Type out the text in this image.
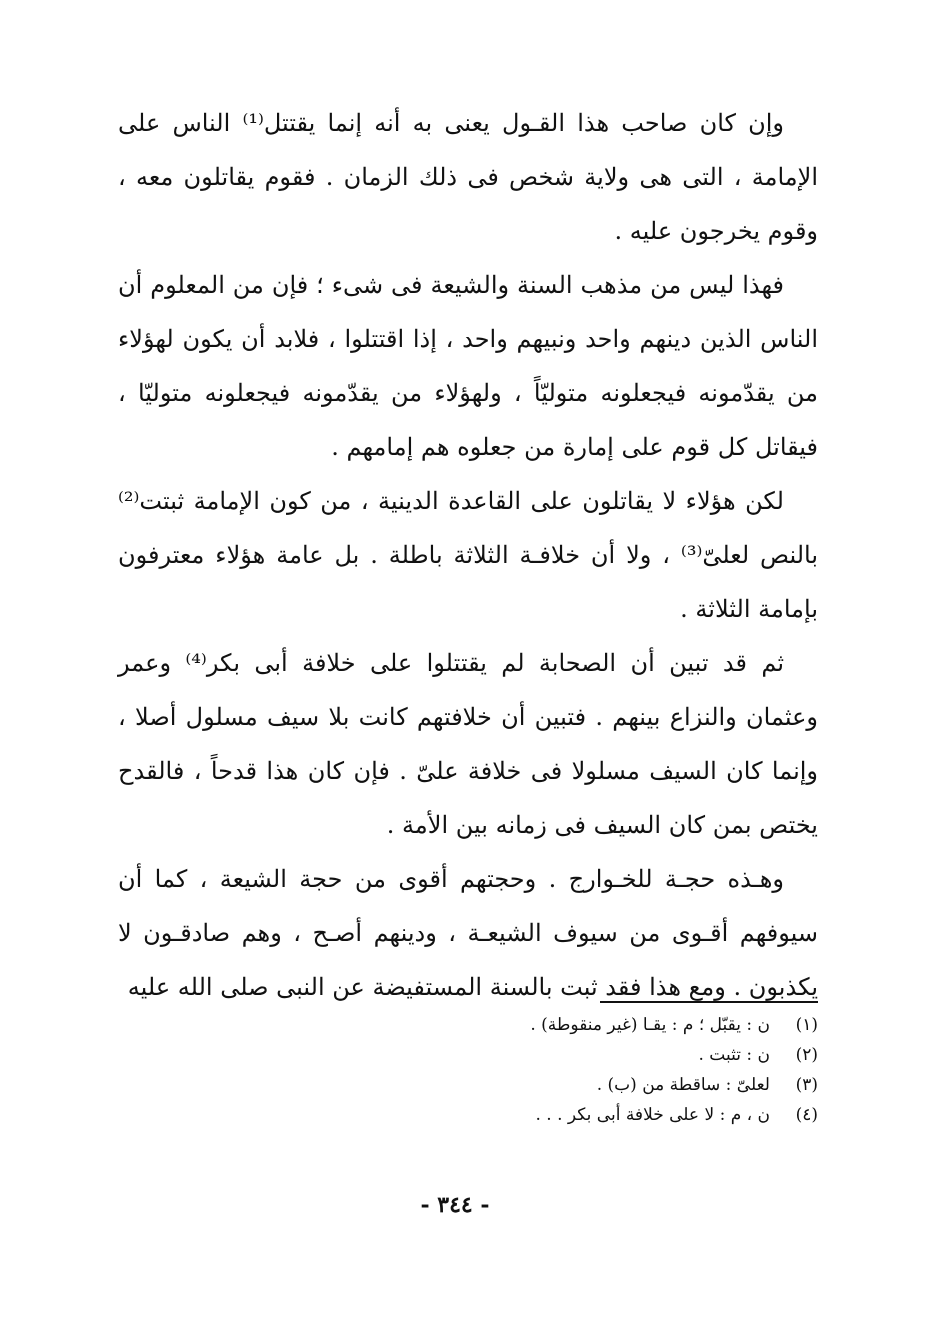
وإن كان صاحب هذا القـول يعنى به أنه إنما يقتتل⁽¹⁾ الناس على الإمامة ، التى هى ولاية شخص فى ذلك الزمان . فقوم يقاتلون معه ، وقوم يخرجون عليه .

فهذا ليس من مذهب السنة والشيعة فى شىء ؛ فإن من المعلوم أن الناس الذين دينهم واحد ونبيهم واحد ، إذا اقتتلوا ، فلابد أن يكون لهؤلاء من يقدّمونه فيجعلونه متوليّاً ، ولهؤلاء من يقدّمونه فيجعلونه متوليّا ، فيقاتل كل قوم على إمارة من جعلوه هم إمامهم .

لكن هؤلاء لا يقاتلون على القاعدة الدينية ، من كون الإمامة ثبتت⁽²⁾ بالنص لعلىّ⁽³⁾ ، ولا أن خلافـة الثلاثة باطلة . بل عامة هؤلاء معترفون بإمامة الثلاثة .

ثم قد تبين أن الصحابة لم يقتتلوا على خلافة أبى بكر⁽⁴⁾ وعمر وعثمان والنزاع بينهم . فتبين أن خلافتهم كانت بلا سيف مسلول أصلا ، وإنما كان السيف مسلولا فى خلافة علىّ . فإن كان هذا قدحاً ، فالقدح يختص بمن كان السيف فى زمانه بين الأمة .

وهـذه حجـة للخـوارج . وحجتهم أقوى من حجة الشيعة ، كما أن سيوفهم أقـوى من سيوف الشيعـة ، ودينهم أصـح ، وهم صادقـون لا يكذبون . ومع هذا فقد ثبت بالسنة المستفيضة عن النبى صلى الله عليه

(١)
ن : يقبّل ؛ م : يقـا (غير منقوطة) .
(٢)
ن : تثبت .
(٣)
لعلىّ : ساقطة من (ب) .
(٤)
ن ، م : لا على خلافة أبى بكر . . .
- ٣٤٤ -
